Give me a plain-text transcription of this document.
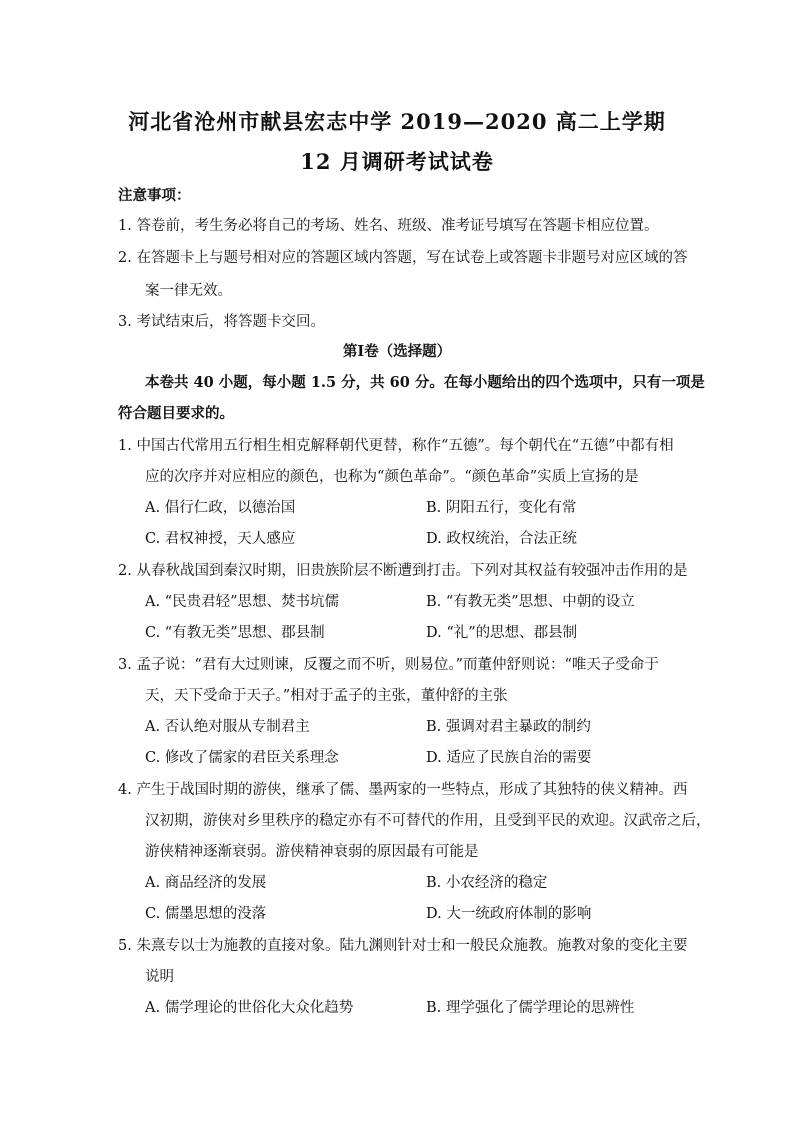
河北省沧州市献县宏志中学 2019—2020 高二上学期
12 月调研考试试卷
注意事项：
1. 答卷前，考生务必将自己的考场、姓名、班级、准考证号填写在答题卡相应位置。
2. 在答题卡上与题号相对应的答题区域内答题，写在试卷上或答题卡非题号对应区域的答
案一律无效。
3. 考试结束后，将答题卡交回。
第Ⅰ卷（选择题）
本卷共 40 小题，每小题 1.5 分，共 60 分。在每小题给出的四个选项中，只有一项是
符合题目要求的。
1. 中国古代常用五行相生相克解释朝代更替，称作“五德”。每个朝代在“五德”中都有相
应的次序并对应相应的颜色，也称为“颜色革命”。“颜色革命”实质上宣扬的是
A. 倡行仁政，以德治国	B. 阴阳五行，变化有常
C. 君权神授，天人感应	D. 政权统治，合法正统
2. 从春秋战国到秦汉时期，旧贵族阶层不断遭到打击。下列对其权益有较强冲击作用的是
A. “民贵君轻”思想、焚书坑儒	B. “有教无类”思想、中朝的设立
C. “有教无类”思想、郡县制	D. “礼”的思想、郡县制
3. 孟子说：“君有大过则谏，反覆之而不听，则易位。”而董仲舒则说：“唯天子受命于
天，天下受命于天子。”相对于孟子的主张，董仲舒的主张
A. 否认绝对服从专制君主	B. 强调对君主暴政的制约
C. 修改了儒家的君臣关系理念	D. 适应了民族自治的需要
4. 产生于战国时期的游侠，继承了儒、墨两家的一些特点，形成了其独特的侠义精神。西
汉初期，游侠对乡里秩序的稳定亦有不可替代的作用，且受到平民的欢迎。汉武帝之后，
游侠精神逐渐衰弱。游侠精神衰弱的原因最有可能是
A. 商品经济的发展	B. 小农经济的稳定
C. 儒墨思想的没落	D. 大一统政府体制的影响
5. 朱熹专以士为施教的直接对象。陆九渊则针对士和一般民众施教。施教对象的变化主要
说明
A. 儒学理论的世俗化大众化趋势	B. 理学强化了儒学理论的思辨性
